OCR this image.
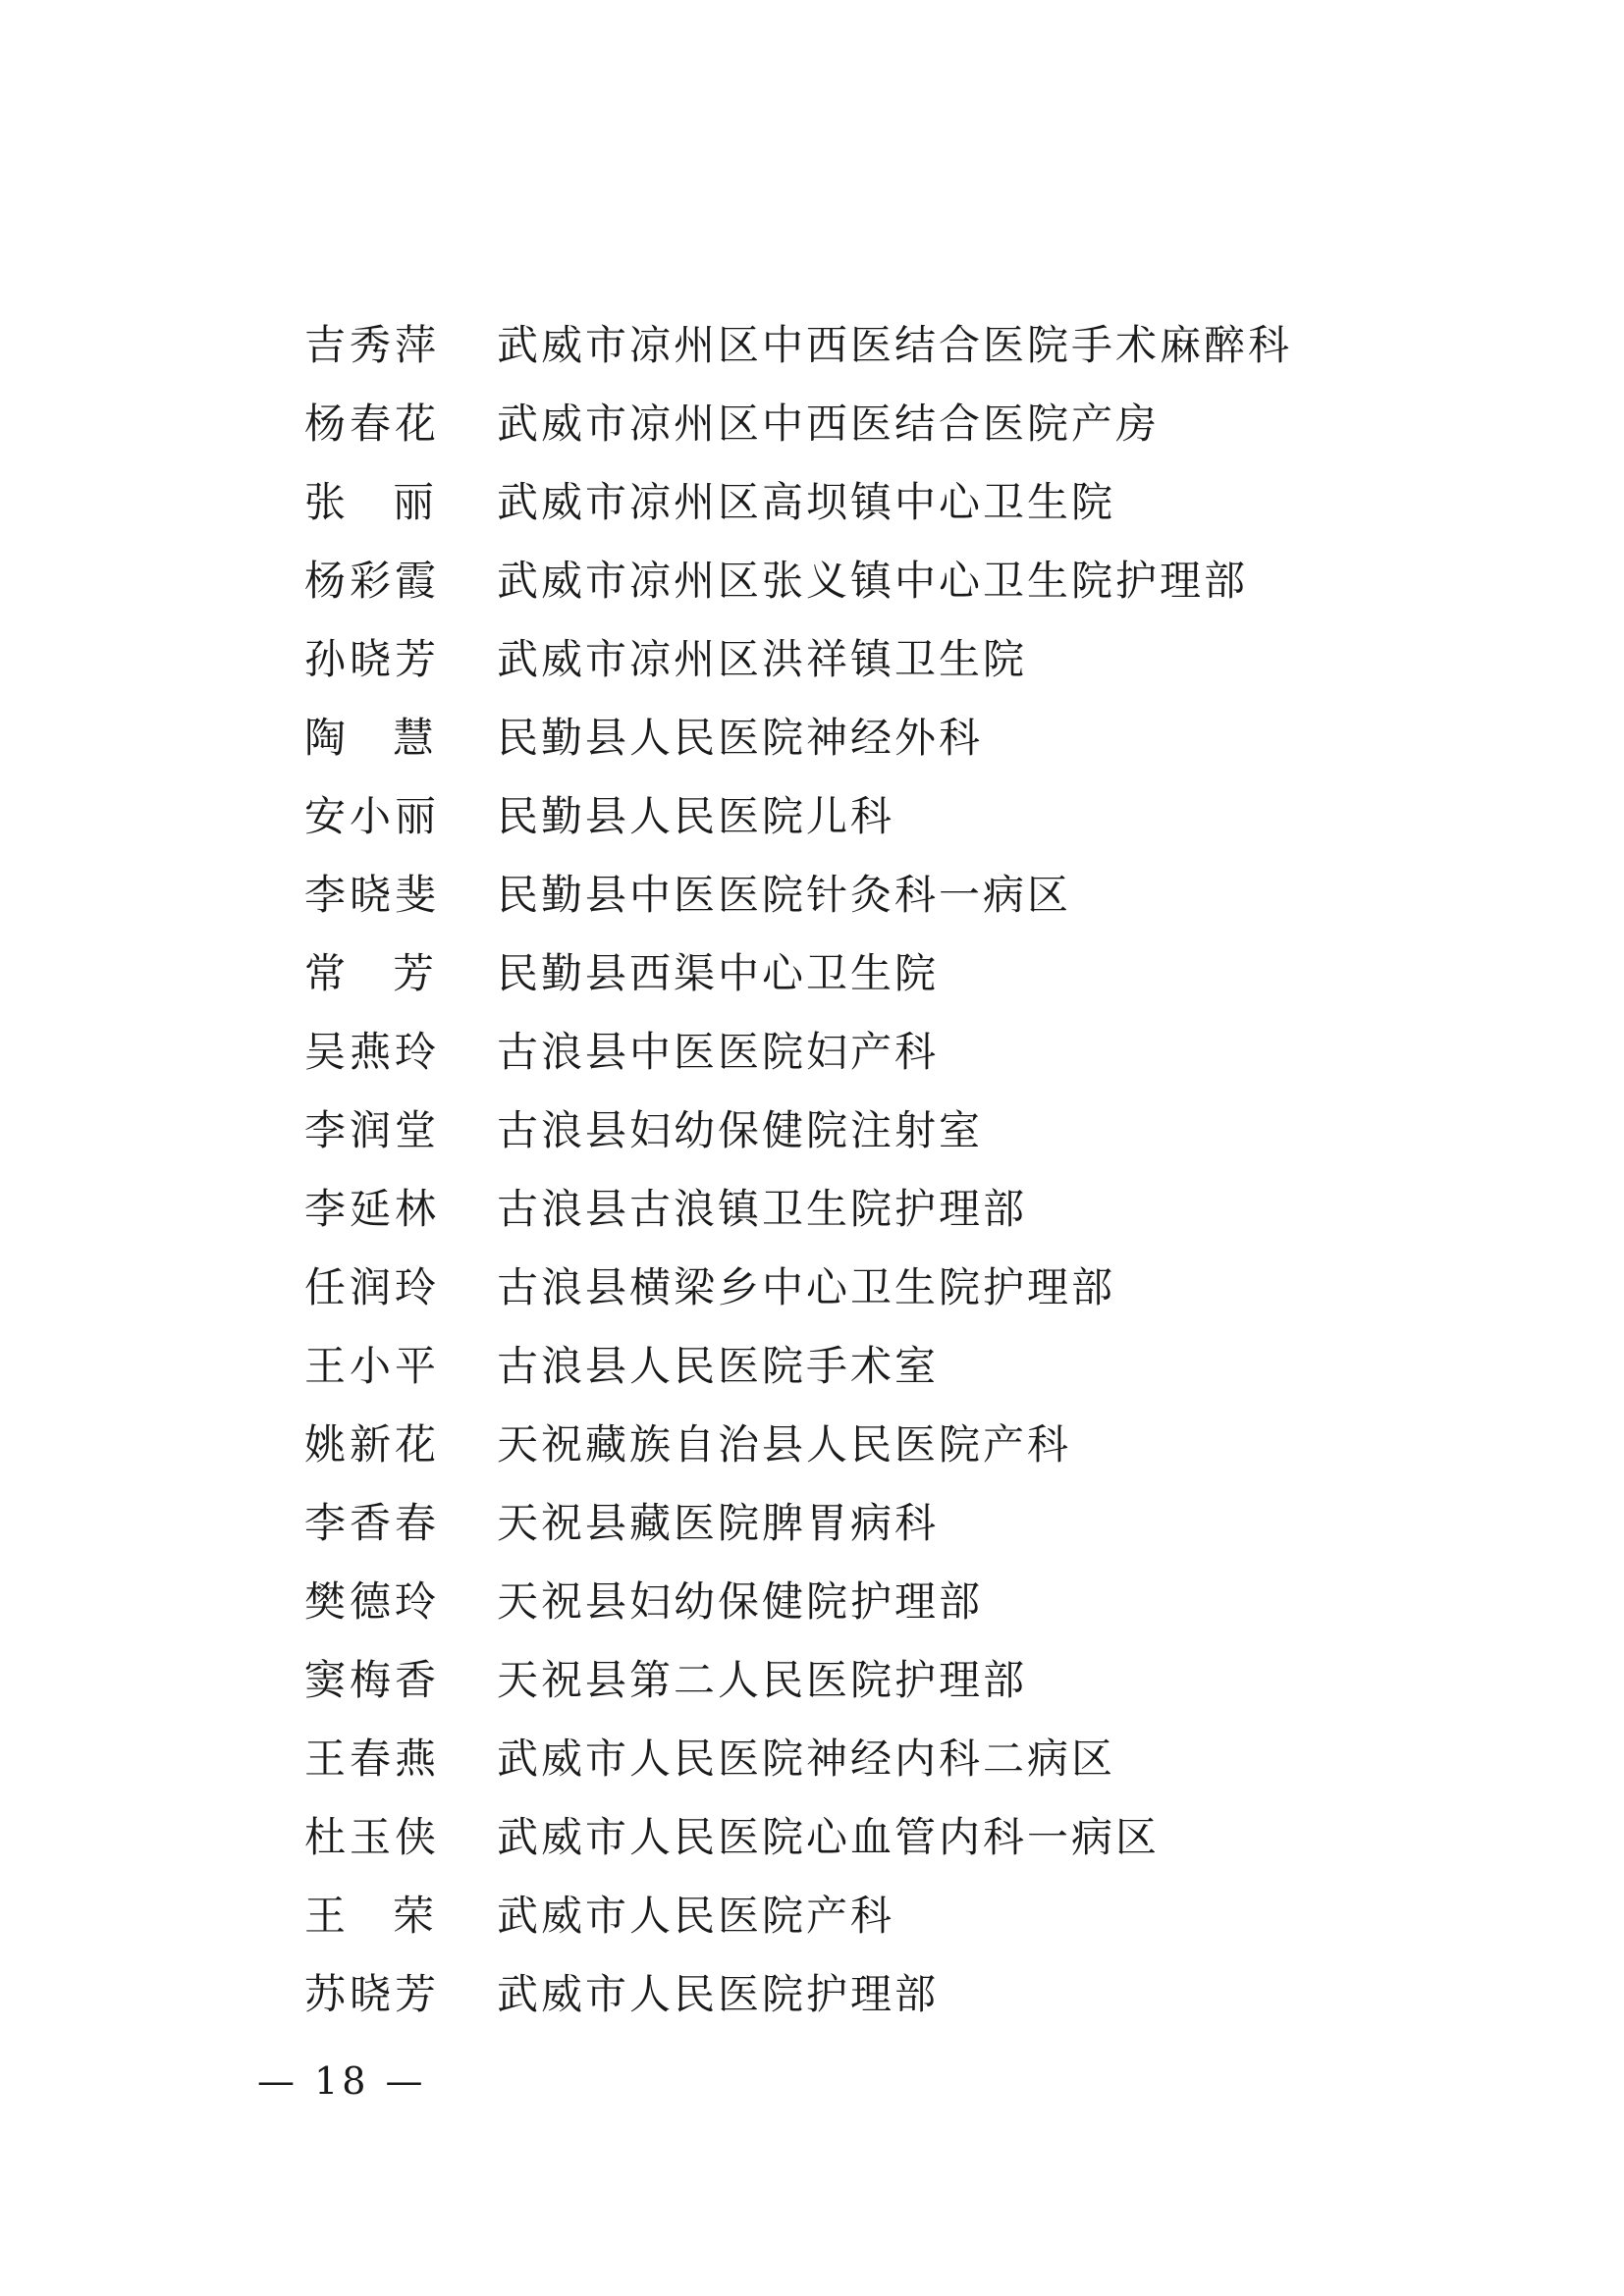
吉秀萍 武威市凉州区中西医结合医院手术麻醉科
杨春花 武威市凉州区中西医结合医院产房
张丽 武威市凉州区高坝镇中心卫生院
杨彩霞 武威市凉州区张义镇中心卫生院护理部
孙晓芳 武威市凉州区洪祥镇卫生院
陶慧 民勤县人民医院神经外科
安小丽 民勤县人民医院儿科
李晓斐 民勤县中医医院针灸科一病区
常芳 民勤县西渠中心卫生院
吴燕玲 古浪县中医医院妇产科
李润堂 古浪县妇幼保健院注射室
李延林 古浪县古浪镇卫生院护理部
任润玲 古浪县横梁乡中心卫生院护理部
王小平 古浪县人民医院手术室
姚新花 天祝藏族自治县人民医院产科
李香春 天祝县藏医院脾胃病科
樊德玲 天祝县妇幼保健院护理部
窦梅香 天祝县第二人民医院护理部
王春燕 武威市人民医院神经内科二病区
杜玉侠 武威市人民医院心血管内科一病区
王荣 武威市人民医院产科
苏晓芳 武威市人民医院护理部
— 18 —
